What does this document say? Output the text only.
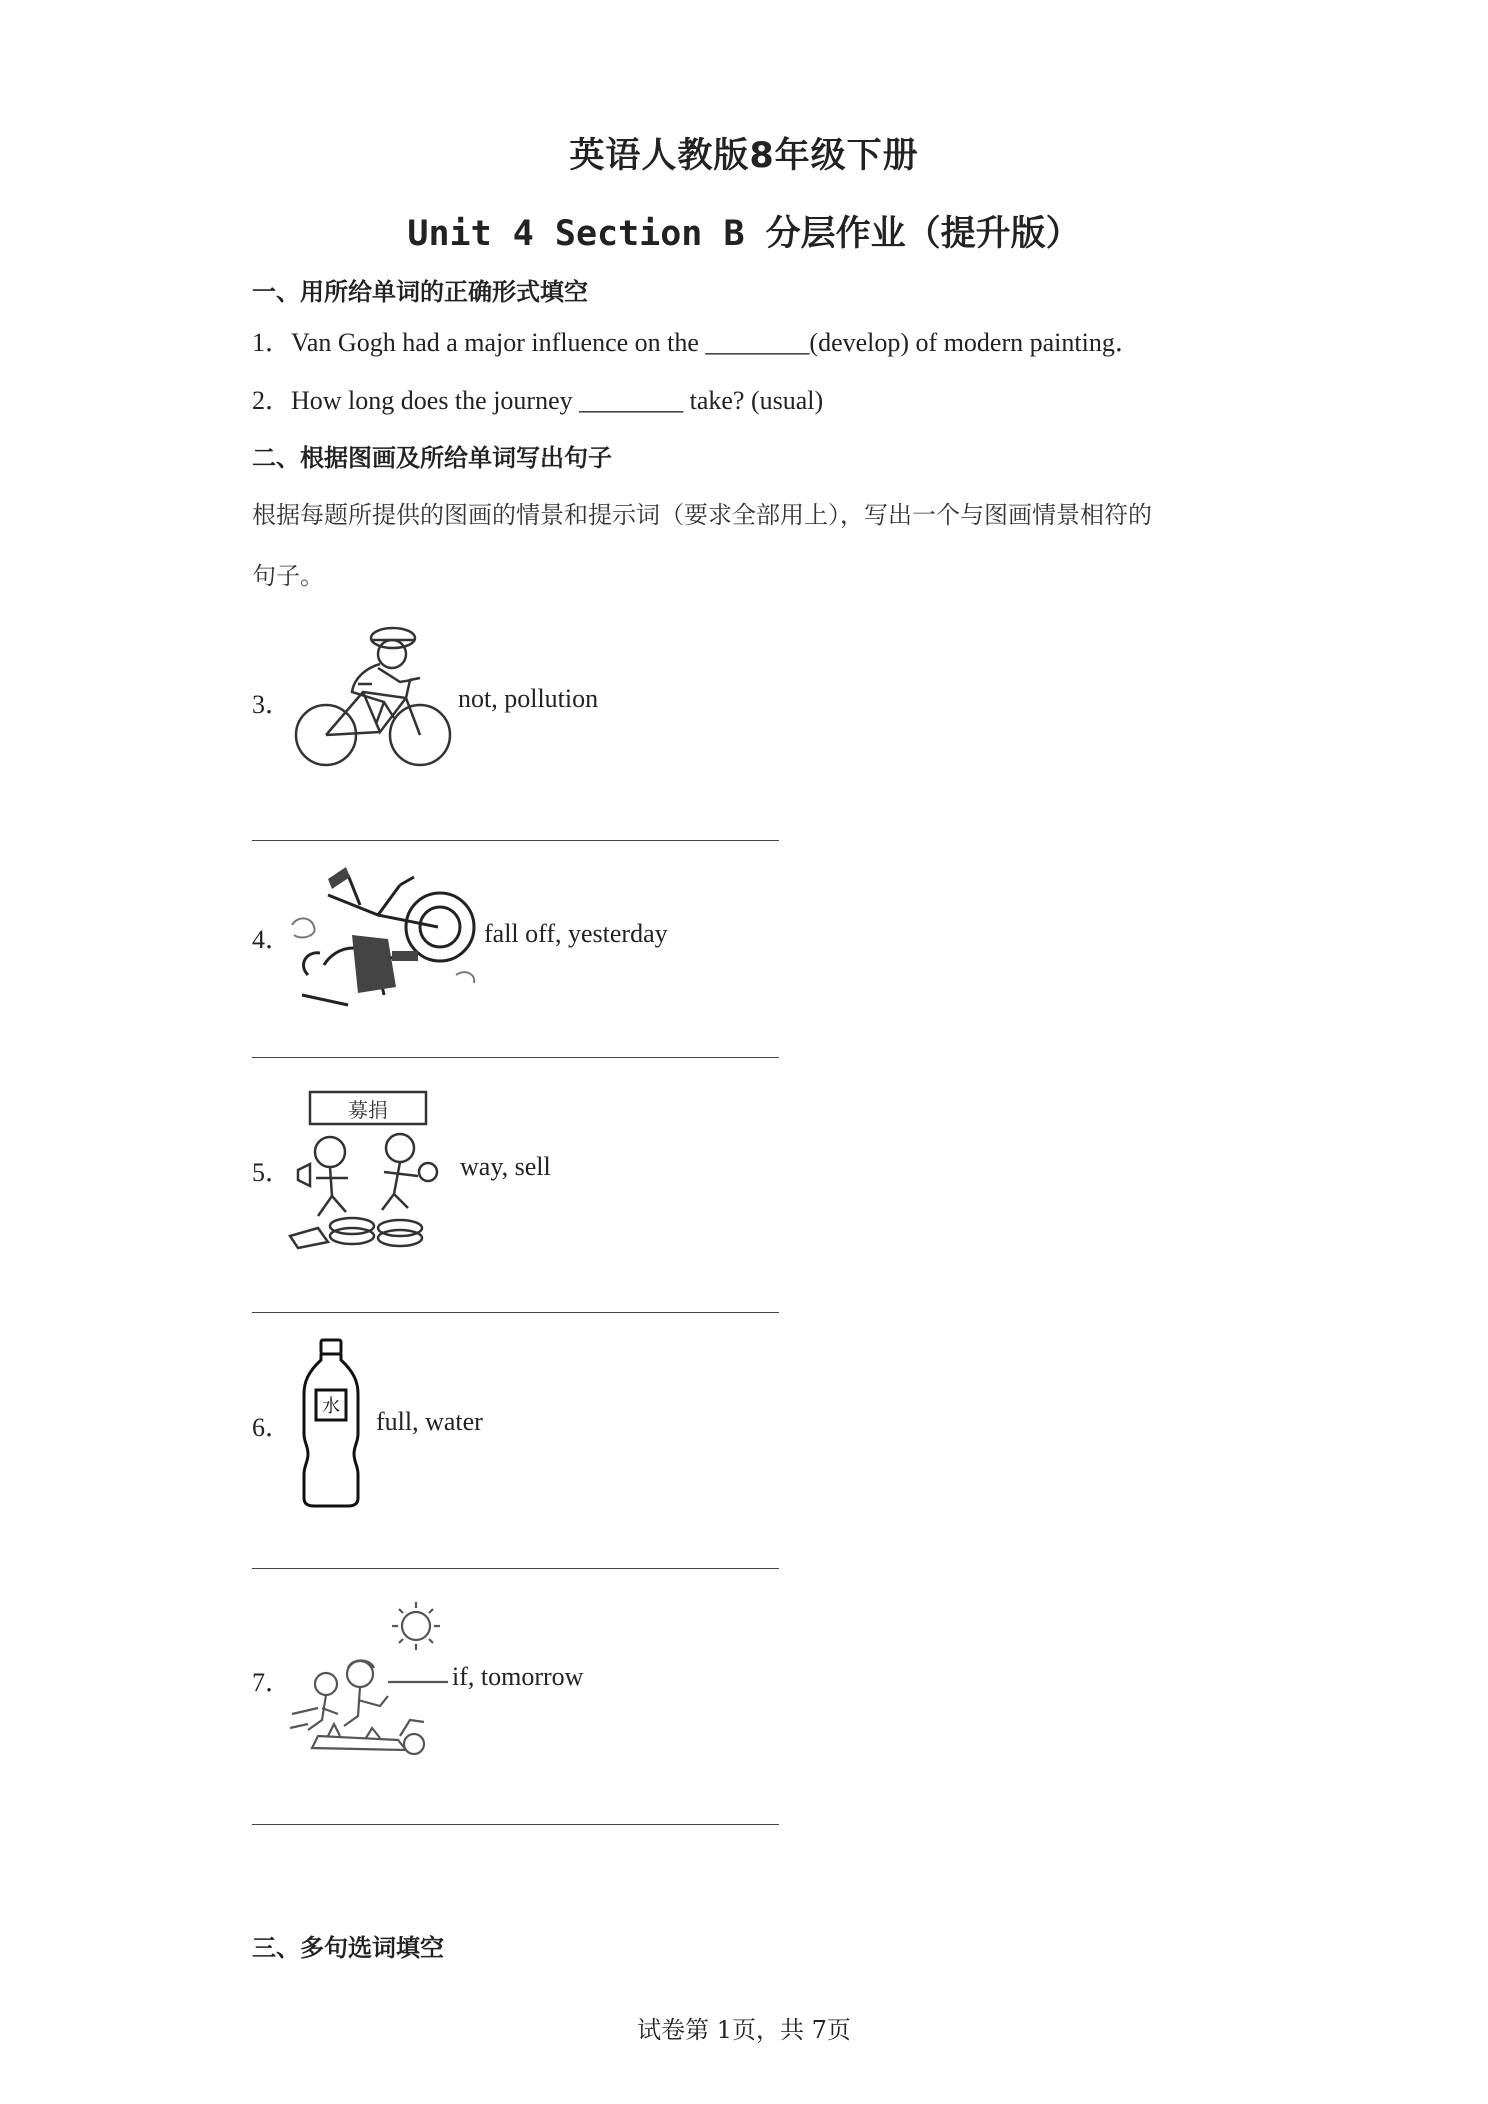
英语人教版8年级下册
Unit 4 Section B 分层作业（提升版）
一、用所给单词的正确形式填空
1．Van Gogh had a major influence on the ________(develop) of modern painting．
2．How long does the journey ________ take? (usual)
二、根据图画及所给单词写出句子
根据每题所提供的图画的情景和提示词（要求全部用上），写出一个与图画情景相符的
句子。
3．	not, pollution
4．	fall off, yesterday
5．
募捐
way, sell
6．
水
full, water
7．	if, tomorrow
三、多句选词填空
试卷第 1页，共 7页
